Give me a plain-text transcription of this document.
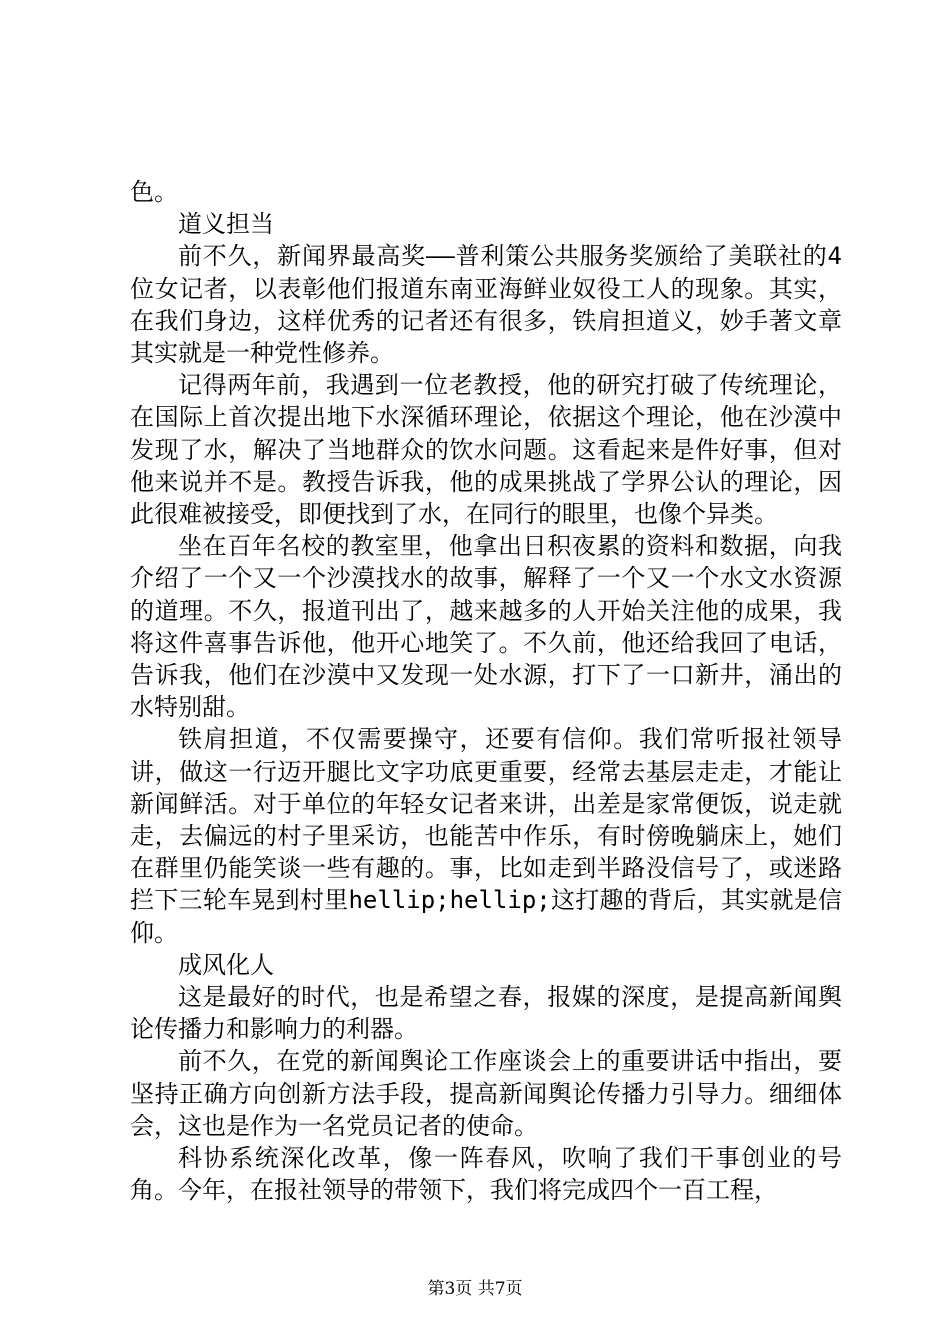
色。

道义担当

前不久，新闻界最高奖——普利策公共服务奖颁给了美联社的4位女记者，以表彰他们报道东南亚海鲜业奴役工人的现象。其实，在我们身边，这样优秀的记者还有很多，铁肩担道义，妙手著文章其实就是一种党性修养。

记得两年前，我遇到一位老教授，他的研究打破了传统理论，在国际上首次提出地下水深循环理论，依据这个理论，他在沙漠中发现了水，解决了当地群众的饮水问题。这看起来是件好事，但对他来说并不是。教授告诉我，他的成果挑战了学界公认的理论，因此很难被接受，即便找到了水，在同行的眼里，也像个异类。

坐在百年名校的教室里，他拿出日积夜累的资料和数据，向我介绍了一个又一个沙漠找水的故事，解释了一个又一个水文水资源的道理。不久，报道刊出了，越来越多的人开始关注他的成果，我将这件喜事告诉他，他开心地笑了。不久前，他还给我回了电话，告诉我，他们在沙漠中又发现一处水源，打下了一口新井，涌出的水特别甜。

铁肩担道，不仅需要操守，还要有信仰。我们常听报社领导讲，做这一行迈开腿比文字功底更重要，经常去基层走走，才能让新闻鲜活。对于单位的年轻女记者来讲，出差是家常便饭，说走就走，去偏远的村子里采访，也能苦中作乐，有时傍晚躺床上，她们在群里仍能笑谈一些有趣的。事，比如走到半路没信号了，或迷路拦下三轮车晃到村里hellip;hellip;这打趣的背后，其实就是信仰。

成风化人

这是最好的时代，也是希望之春，报媒的深度，是提高新闻舆论传播力和影响力的利器。

前不久，在党的新闻舆论工作座谈会上的重要讲话中指出，要坚持正确方向创新方法手段，提高新闻舆论传播力引导力。细细体会，这也是作为一名党员记者的使命。

科协系统深化改革，像一阵春风，吹响了我们干事创业的号角。今年，在报社领导的带领下，我们将完成四个一百工程，

第3页 共7页
